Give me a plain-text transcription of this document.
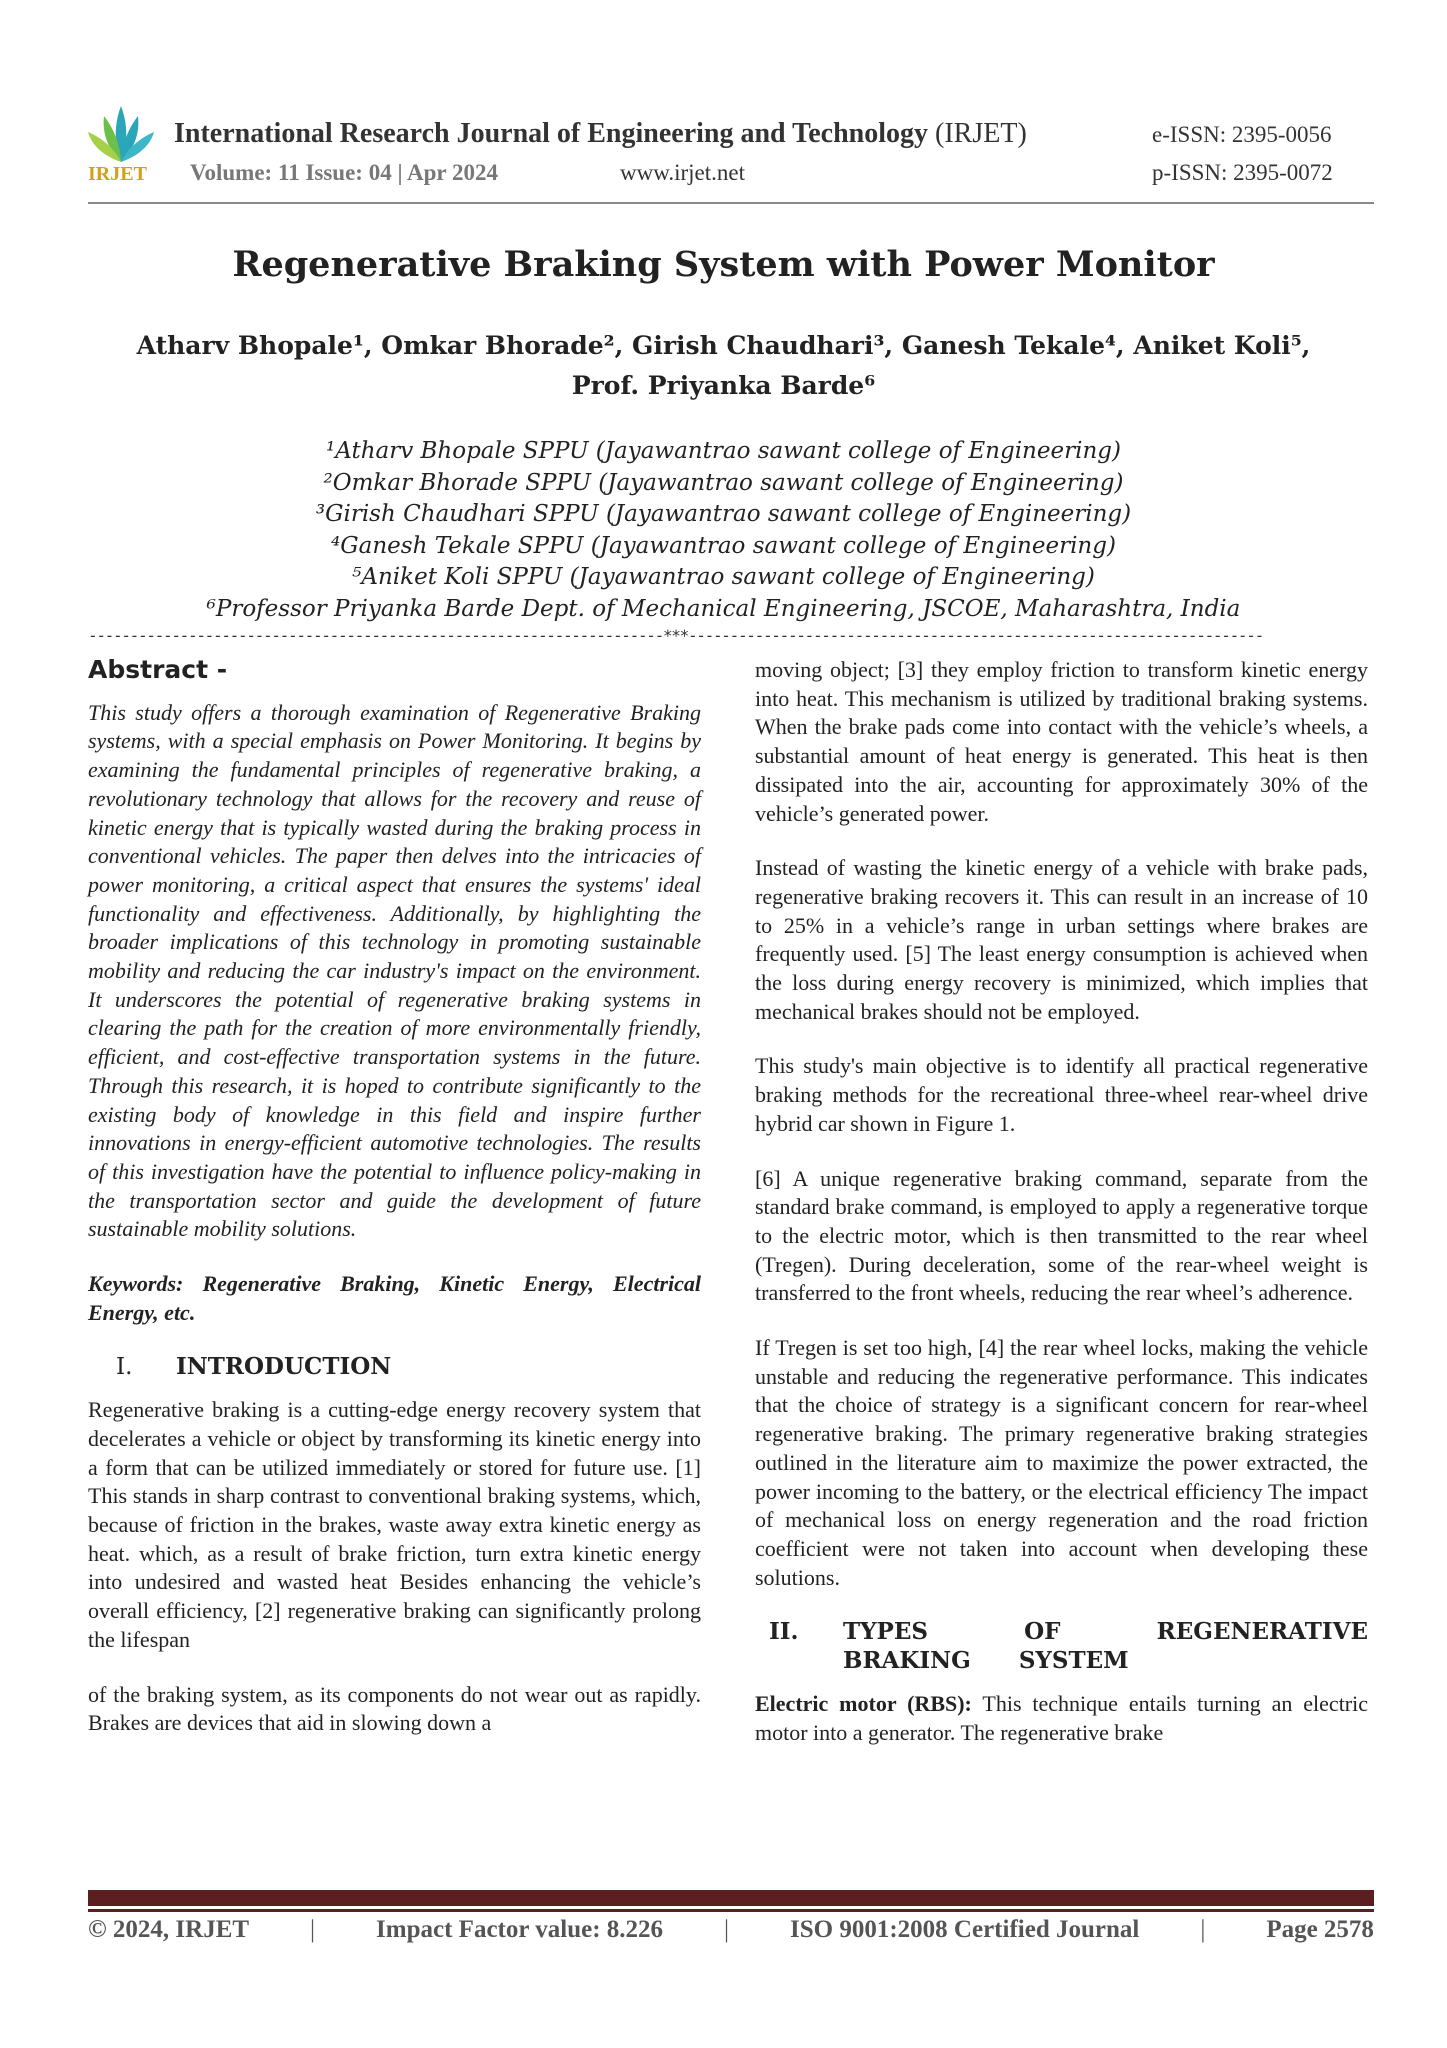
IRJET
International Research Journal of Engineering and Technology (IRJET)
Volume: 11 Issue: 04 | Apr 2024	www.irjet.net
e-ISSN: 2395-0056
p-ISSN: 2395-0072
Regenerative Braking System with Power Monitor
Atharv Bhopale¹, Omkar Bhorade², Girish Chaudhari³, Ganesh Tekale⁴, Aniket Koli⁵,
Prof. Priyanka Barde⁶
¹Atharv Bhopale SPPU (Jayawantrao sawant college of Engineering)
²Omkar Bhorade SPPU (Jayawantrao sawant college of Engineering)
³Girish Chaudhari SPPU (Jayawantrao sawant college of Engineering)
⁴Ganesh Tekale SPPU (Jayawantrao sawant college of Engineering)
⁵Aniket Koli SPPU (Jayawantrao sawant college of Engineering)
⁶Professor Priyanka Barde Dept. of Mechanical Engineering, JSCOE, Maharashtra, India
---------------------------------------------------------------------***---------------------------------------------------------------------
Abstract -

This study offers a thorough examination of Regenerative Braking systems, with a special emphasis on Power Monitoring. It begins by examining the fundamental principles of regenerative braking, a revolutionary technology that allows for the recovery and reuse of kinetic energy that is typically wasted during the braking process in conventional vehicles. The paper then delves into the intricacies of power monitoring, a critical aspect that ensures the systems' ideal functionality and effectiveness. Additionally, by highlighting the broader implications of this technology in promoting sustainable mobility and reducing the car industry's impact on the environment. It underscores the potential of regenerative braking systems in clearing the path for the creation of more environmentally friendly, efficient, and cost-effective transportation systems in the future. Through this research, it is hoped to contribute significantly to the existing body of knowledge in this field and inspire further innovations in energy-efficient automotive technologies. The results of this investigation have the potential to influence policy-making in the transportation sector and guide the development of future sustainable mobility solutions.

Keywords: Regenerative Braking, Kinetic Energy, Electrical Energy, etc.

I. INTRODUCTION

Regenerative braking is a cutting-edge energy recovery system that decelerates a vehicle or object by transforming its kinetic energy into a form that can be utilized immediately or stored for future use. [1] This stands in sharp contrast to conventional braking systems, which, because of friction in the brakes, waste away extra kinetic energy as heat. which, as a result of brake friction, turn extra kinetic energy into undesired and wasted heat Besides enhancing the vehicle’s overall efficiency, [2] regenerative braking can significantly prolong the lifespan

of the braking system, as its components do not wear out as rapidly. Brakes are devices that aid in slowing down a

moving object; [3] they employ friction to transform kinetic energy into heat. This mechanism is utilized by traditional braking systems. When the brake pads come into contact with the vehicle’s wheels, a substantial amount of heat energy is generated. This heat is then dissipated into the air, accounting for approximately 30% of the vehicle’s generated power.

Instead of wasting the kinetic energy of a vehicle with brake pads, regenerative braking recovers it. This can result in an increase of 10 to 25% in a vehicle’s range in urban settings where brakes are frequently used. [5] The least energy consumption is achieved when the loss during energy recovery is minimized, which implies that mechanical brakes should not be employed.

This study's main objective is to identify all practical regenerative braking methods for the recreational three-wheel rear-wheel drive hybrid car shown in Figure 1.

[6] A unique regenerative braking command, separate from the standard brake command, is employed to apply a regenerative torque to the electric motor, which is then transmitted to the rear wheel (Tregen). During deceleration, some of the rear-wheel weight is transferred to the front wheels, reducing the rear wheel’s adherence.

If Tregen is set too high, [4] the rear wheel locks, making the vehicle unstable and reducing the regenerative performance. This indicates that the choice of strategy is a significant concern for rear-wheel regenerative braking. The primary regenerative braking strategies outlined in the literature aim to maximize the power extracted, the power incoming to the battery, or the electrical efficiency The impact of mechanical loss on energy regeneration and the road friction coefficient were not taken into account when developing these solutions.

II.	TYPES OF REGENERATIVE BRAKING SYSTEM

Electric motor (RBS): This technique entails turning an electric motor into a generator. The regenerative brake

© 2024, IRJET | Impact Factor value: 8.226 | ISO 9001:2008 Certified Journal | Page 2578
